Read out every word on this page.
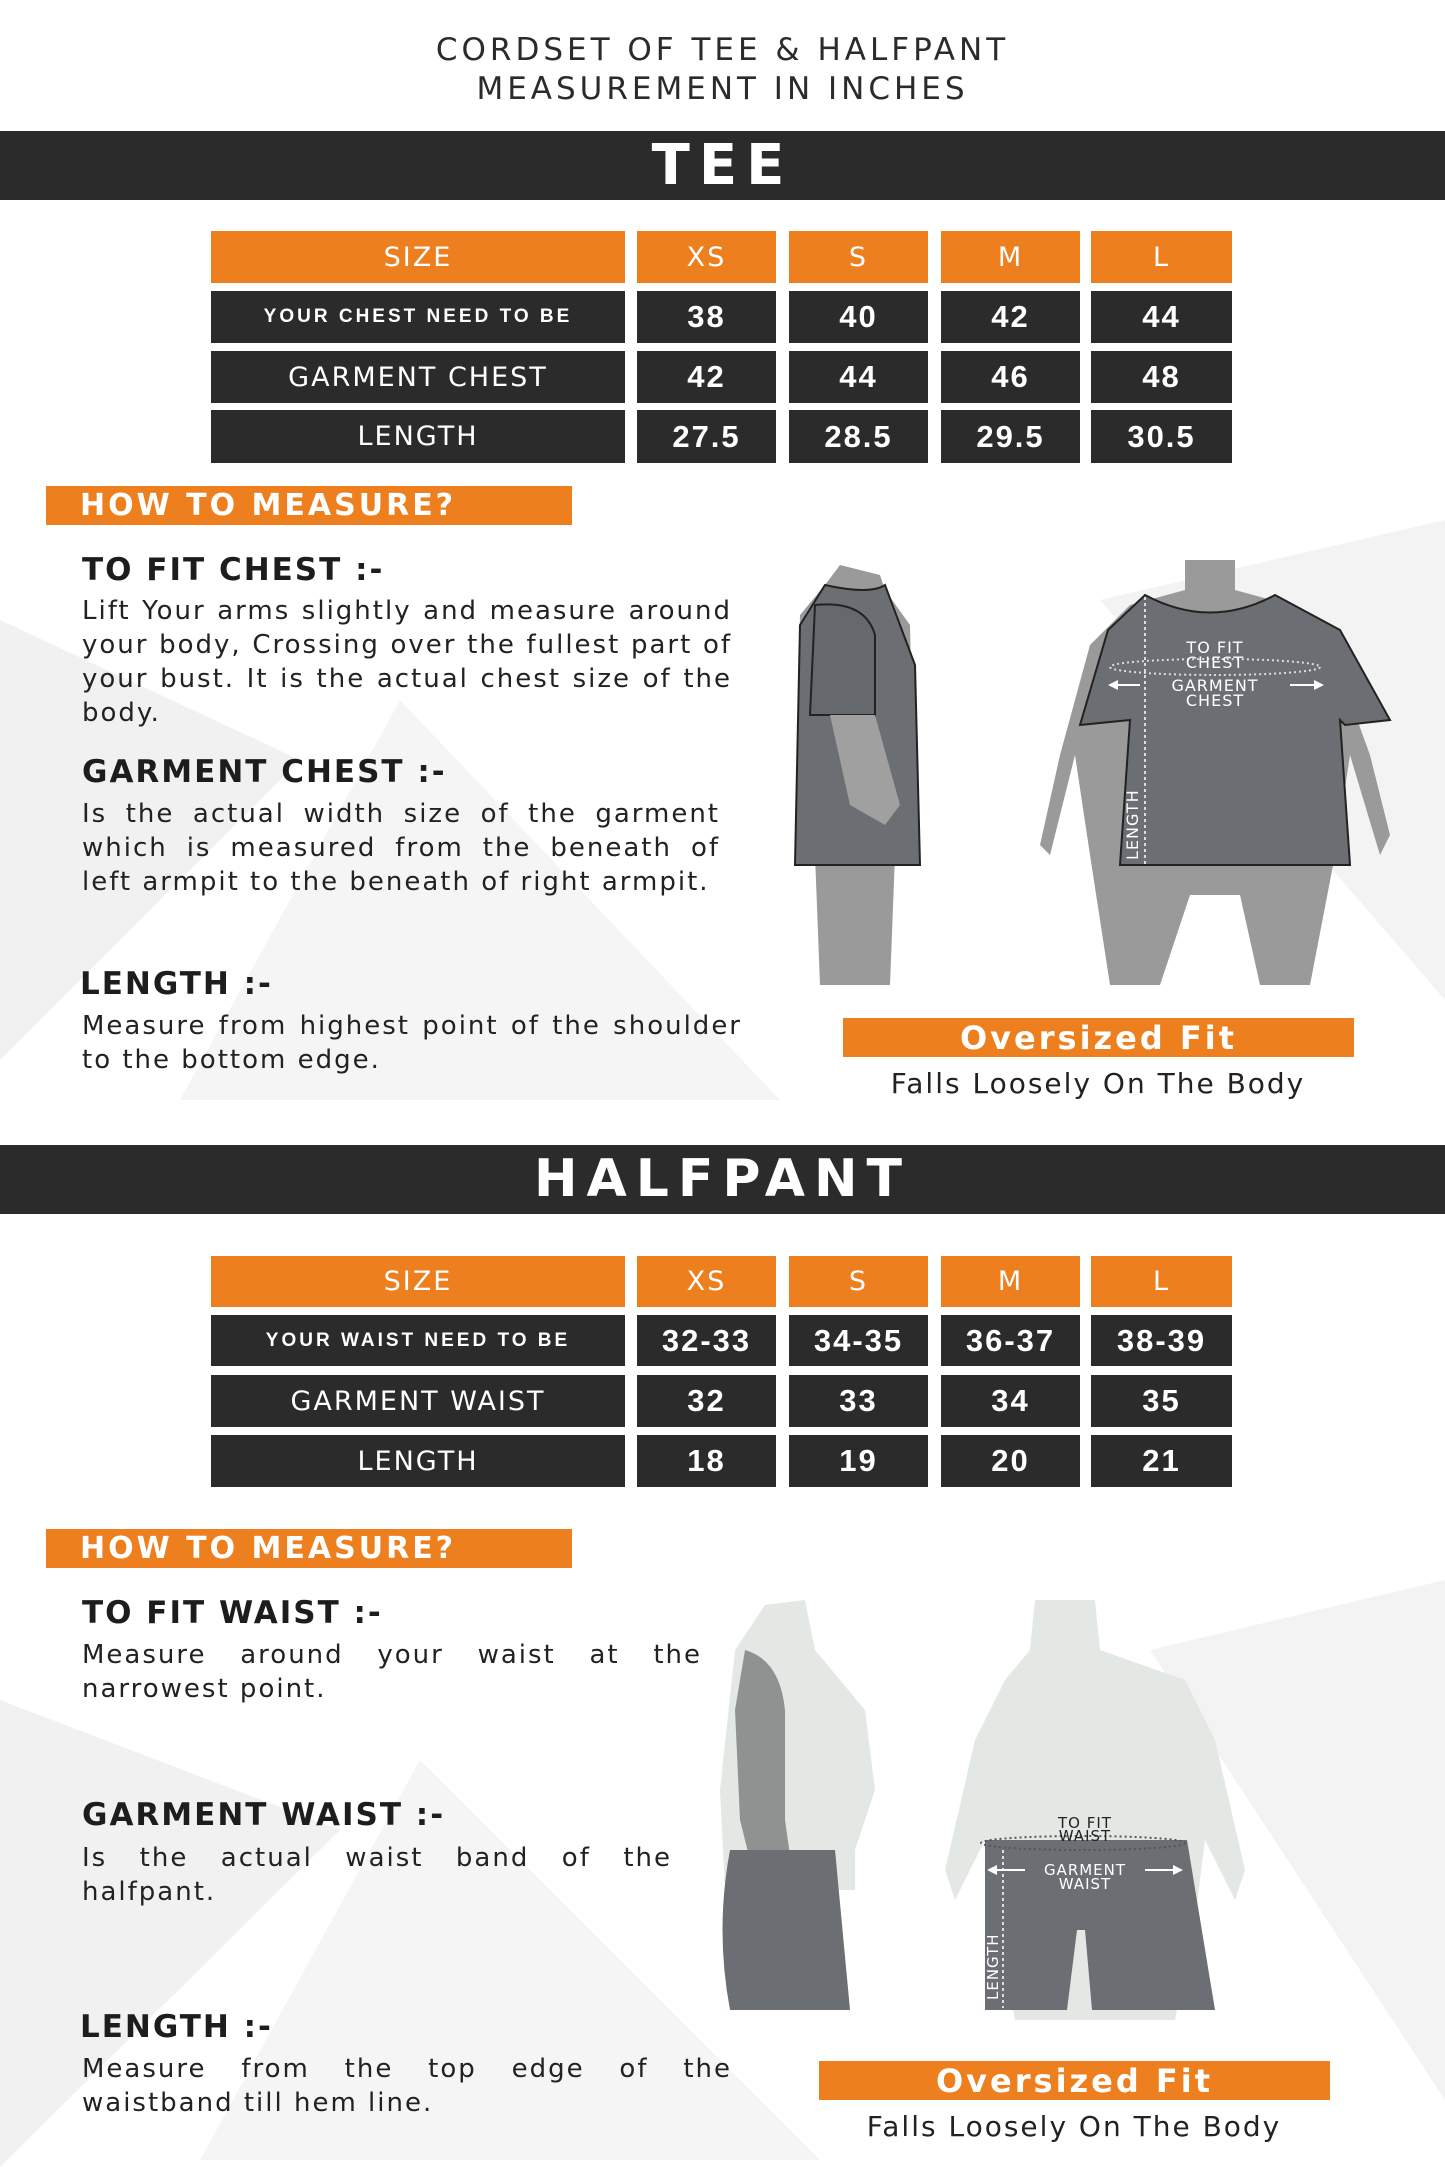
CORDSET OF TEE & HALFPANT
MEASUREMENT IN INCHES
TEE
SIZE	XS	S	M	L
YOUR CHEST NEED TO BE	38	40	42	44
GARMENT CHEST	42	44	46	48
LENGTH	27.5	28.5	29.5	30.5
HOW TO MEASURE?
TO FIT CHEST :-
Lift Your arms slightly and measure around your body, Crossing over the fullest part of your bust. It is the actual chest size of the body.
GARMENT CHEST :-
Is the actual width size of the garment which is measured from the beneath of left armpit to the beneath of right armpit.
LENGTH :-
Measure from highest point of the shoulder to the bottom edge.
TO FIT
CHEST
GARMENT
CHEST
LENGTH
Oversized Fit
Falls Loosely On The Body
HALFPANT
SIZE	XS	S	M	L
YOUR WAIST NEED TO BE	32-33	34-35	36-37	38-39
GARMENT WAIST	32	33	34	35
LENGTH	18	19	20	21
HOW TO MEASURE?
TO FIT WAIST :-
Measure around your waist at the narrowest point.
GARMENT WAIST :-
Is the actual waist band of the halfpant.
LENGTH :-
Measure from the top edge of the waistband till hem line.
TO FIT
WAIST
GARMENT
WAIST
LENGTH
Oversized Fit
Falls Loosely On The Body
